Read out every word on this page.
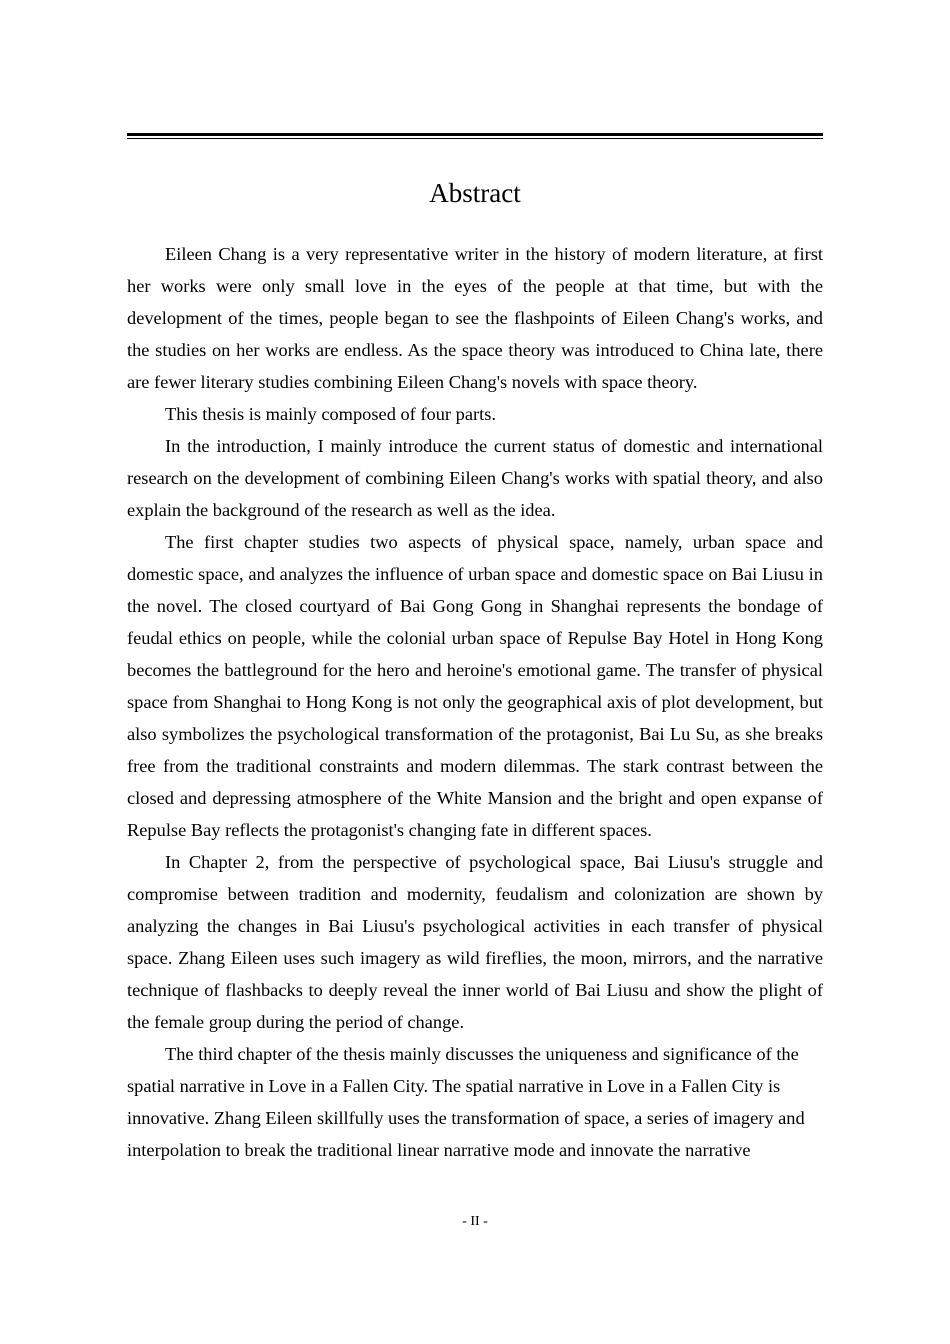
Abstract

Eileen Chang is a very representative writer in the history of modern literature, at first her works were only small love in the eyes of the people at that time, but with the development of the times, people began to see the flashpoints of Eileen Chang's works, and the studies on her works are endless. As the space theory was introduced to China late, there are fewer literary studies combining Eileen Chang's novels with space theory.

This thesis is mainly composed of four parts.

In the introduction, I mainly introduce the current status of domestic and international research on the development of combining Eileen Chang's works with spatial theory, and also explain the background of the research as well as the idea.

The first chapter studies two aspects of physical space, namely, urban space and domestic space, and analyzes the influence of urban space and domestic space on Bai Liusu in the novel. The closed courtyard of Bai Gong Gong in Shanghai represents the bondage of feudal ethics on people, while the colonial urban space of Repulse Bay Hotel in Hong Kong becomes the battleground for the hero and heroine's emotional game. The transfer of physical space from Shanghai to Hong Kong is not only the geographical axis of plot development, but also symbolizes the psychological transformation of the protagonist, Bai Lu Su, as she breaks free from the traditional constraints and modern dilemmas. The stark contrast between the closed and depressing atmosphere of the White Mansion and the bright and open expanse of Repulse Bay reflects the protagonist's changing fate in different spaces.

In Chapter 2, from the perspective of psychological space, Bai Liusu's struggle and compromise between tradition and modernity, feudalism and colonization are shown by analyzing the changes in Bai Liusu's psychological activities in each transfer of physical space. Zhang Eileen uses such imagery as wild fireflies, the moon, mirrors, and the narrative technique of flashbacks to deeply reveal the inner world of Bai Liusu and show the plight of the female group during the period of change.

The third chapter of the thesis mainly discusses the uniqueness and significance of the spatial narrative in Love in a Fallen City. The spatial narrative in Love in a Fallen City is innovative. Zhang Eileen skillfully uses the transformation of space, a series of imagery and interpolation to break the traditional linear narrative mode and innovate the narrative

- II -
